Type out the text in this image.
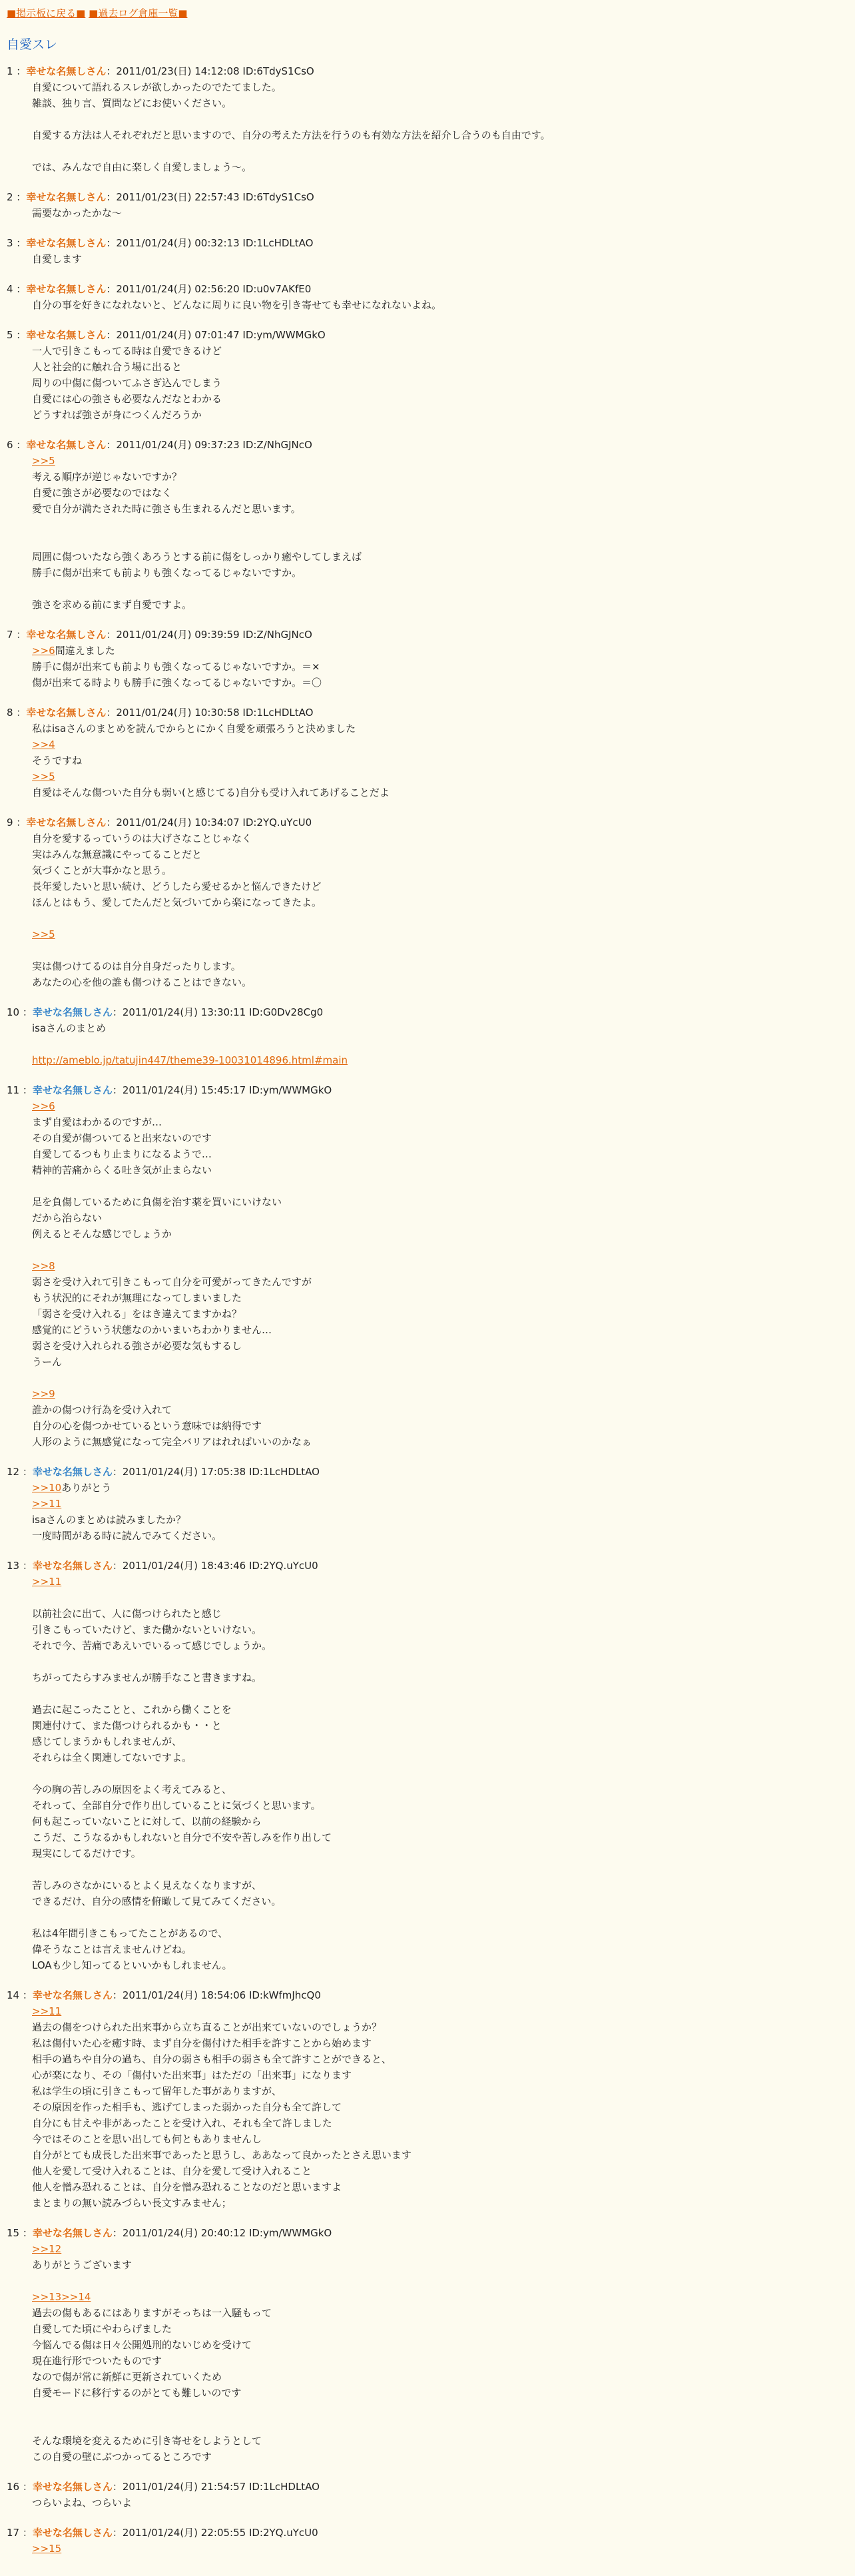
■掲示板に戻る■ ■過去ログ倉庫一覧■
自愛スレ
1 ：幸せな名無しさん：2011/01/23(日) 14:12:08 ID:6TdyS1CsO
自愛について語れるスレが欲しかったのでたてました。
雑談、独り言、質問などにお使いください。
自愛する方法は人それぞれだと思いますので、自分の考えた方法を行うのも有効な方法を紹介し合うのも自由です。
では、みんなで自由に楽しく自愛しましょう～。
2 ：幸せな名無しさん：2011/01/23(日) 22:57:43 ID:6TdyS1CsO
需要なかったかな～
3 ：幸せな名無しさん：2011/01/24(月) 00:32:13 ID:1LcHDLtAO
自愛します
4 ：幸せな名無しさん：2011/01/24(月) 02:56:20 ID:u0v7AKfE0
自分の事を好きになれないと、どんなに周りに良い物を引き寄せても幸せになれないよね。
5 ：幸せな名無しさん：2011/01/24(月) 07:01:47 ID:ym/WWMGkO
一人で引きこもってる時は自愛できるけど
人と社会的に触れ合う場に出ると
周りの中傷に傷ついてふさぎ込んでしまう
自愛には心の強さも必要なんだなとわかる
どうすれば強さが身につくんだろうか
6 ：幸せな名無しさん：2011/01/24(月) 09:37:23 ID:Z/NhGJNcO
>>5
考える順序が逆じゃないですか？
自愛に強さが必要なのではなく
愛で自分が満たされた時に強さも生まれるんだと思います。
周囲に傷ついたなら強くあろうとする前に傷をしっかり癒やしてしまえば
勝手に傷が出来ても前よりも強くなってるじゃないですか。
強さを求める前にまず自愛ですよ。
7 ：幸せな名無しさん：2011/01/24(月) 09:39:59 ID:Z/NhGJNcO
>>6間違えました
勝手に傷が出来ても前よりも強くなってるじゃないですか。＝×
傷が出来てる時よりも勝手に強くなってるじゃないですか。＝〇
8 ：幸せな名無しさん：2011/01/24(月) 10:30:58 ID:1LcHDLtAO
私はisaさんのまとめを読んでからとにかく自愛を頑張ろうと決めました
>>4
そうですね
>>5
自愛はそんな傷ついた自分も弱い(と感じてる)自分も受け入れてあげることだよ
9 ：幸せな名無しさん：2011/01/24(月) 10:34:07 ID:2YQ.uYcU0
自分を愛するっていうのは大げさなことじゃなく
実はみんな無意識にやってることだと
気づくことが大事かなと思う。
長年愛したいと思い続け、どうしたら愛せるかと悩んできたけど
ほんとはもう、愛してたんだと気づいてから楽になってきたよ。
>>5
実は傷つけてるのは自分自身だったりします。
あなたの心を他の誰も傷つけることはできない。
10 ：幸せな名無しさん：2011/01/24(月) 13:30:11 ID:G0Dv28Cg0
isaさんのまとめ
http://ameblo.jp/tatujin447/theme39-10031014896.html#main
11 ：幸せな名無しさん：2011/01/24(月) 15:45:17 ID:ym/WWMGkO
>>6
まず自愛はわかるのですが…
その自愛が傷ついてると出来ないのです
自愛してるつもり止まりになるようで…
精神的苦痛からくる吐き気が止まらない
足を負傷しているために負傷を治す薬を買いにいけない
だから治らない
例えるとそんな感じでしょうか
>>8
弱さを受け入れて引きこもって自分を可愛がってきたんですが
もう状況的にそれが無理になってしまいました
「弱さを受け入れる」をはき違えてますかね？
感覚的にどういう状態なのかいまいちわかりません…
弱さを受け入れられる強さが必要な気もするし
うーん
>>9
誰かの傷つけ行為を受け入れて
自分の心を傷つかせているという意味では納得です
人形のように無感覚になって完全バリアはれればいいのかなぁ
12 ：幸せな名無しさん：2011/01/24(月) 17:05:38 ID:1LcHDLtAO
>>10ありがとう
>>11
isaさんのまとめは読みましたか？
一度時間がある時に読んでみてください。
13 ：幸せな名無しさん：2011/01/24(月) 18:43:46 ID:2YQ.uYcU0
>>11
以前社会に出て、人に傷つけられたと感じ
引きこもっていたけど、また働かないといけない。
それで今、苦痛であえいでいるって感じでしょうか。
ちがってたらすみませんが勝手なこと書きますね。
過去に起こったことと、これから働くことを
関連付けて、また傷つけられるかも・・と
感じてしまうかもしれませんが、
それらは全く関連してないですよ。
今の胸の苦しみの原因をよく考えてみると、
それって、全部自分で作り出していることに気づくと思います。
何も起こっていないことに対して、以前の経験から
こうだ、こうなるかもしれないと自分で不安や苦しみを作り出して
現実にしてるだけです。
苦しみのさなかにいるとよく見えなくなりますが、
できるだけ、自分の感情を俯瞰して見てみてください。
私は4年間引きこもってたことがあるので、
偉そうなことは言えませんけどね。
LOAも少し知ってるといいかもしれません。
14 ：幸せな名無しさん：2011/01/24(月) 18:54:06 ID:kWfmJhcQ0
>>11
過去の傷をつけられた出来事から立ち直ることが出来ていないのでしょうか？
私は傷付いた心を癒す時、まず自分を傷付けた相手を許すことから始めます
相手の過ちや自分の過ち、自分の弱さも相手の弱さも全て許すことができると、
心が楽になり、その「傷付いた出来事」はただの「出来事」になります
私は学生の頃に引きこもって留年した事がありますが、
その原因を作った相手も、逃げてしまった弱かった自分も全て許して
自分にも甘えや非があったことを受け入れ、それも全て許しました
今ではそのことを思い出しても何ともありませんし
自分がとても成長した出来事であったと思うし、ああなって良かったとさえ思います
他人を愛して受け入れることは、自分を愛して受け入れること
他人を憎み恐れることは、自分を憎み恐れることなのだと思いますよ
まとまりの無い読みづらい長文すみません；
15 ：幸せな名無しさん：2011/01/24(月) 20:40:12 ID:ym/WWMGkO
>>12
ありがとうございます
>>13>>14
過去の傷もあるにはありますがそっちは一入騒もって
自愛してた頃にやわらげました
今悩んでる傷は日々公開処刑的ないじめを受けて
現在進行形でついたものです
なので傷が常に新鮮に更新されていくため
自愛モードに移行するのがとても難しいのです
そんな環境を変えるために引き寄せをしようとして
この自愛の壁にぶつかってるところです
16 ：幸せな名無しさん：2011/01/24(月) 21:54:57 ID:1LcHDLtAO
つらいよね、つらいよ
17 ：幸せな名無しさん：2011/01/24(月) 22:05:55 ID:2YQ.uYcU0
>>15
